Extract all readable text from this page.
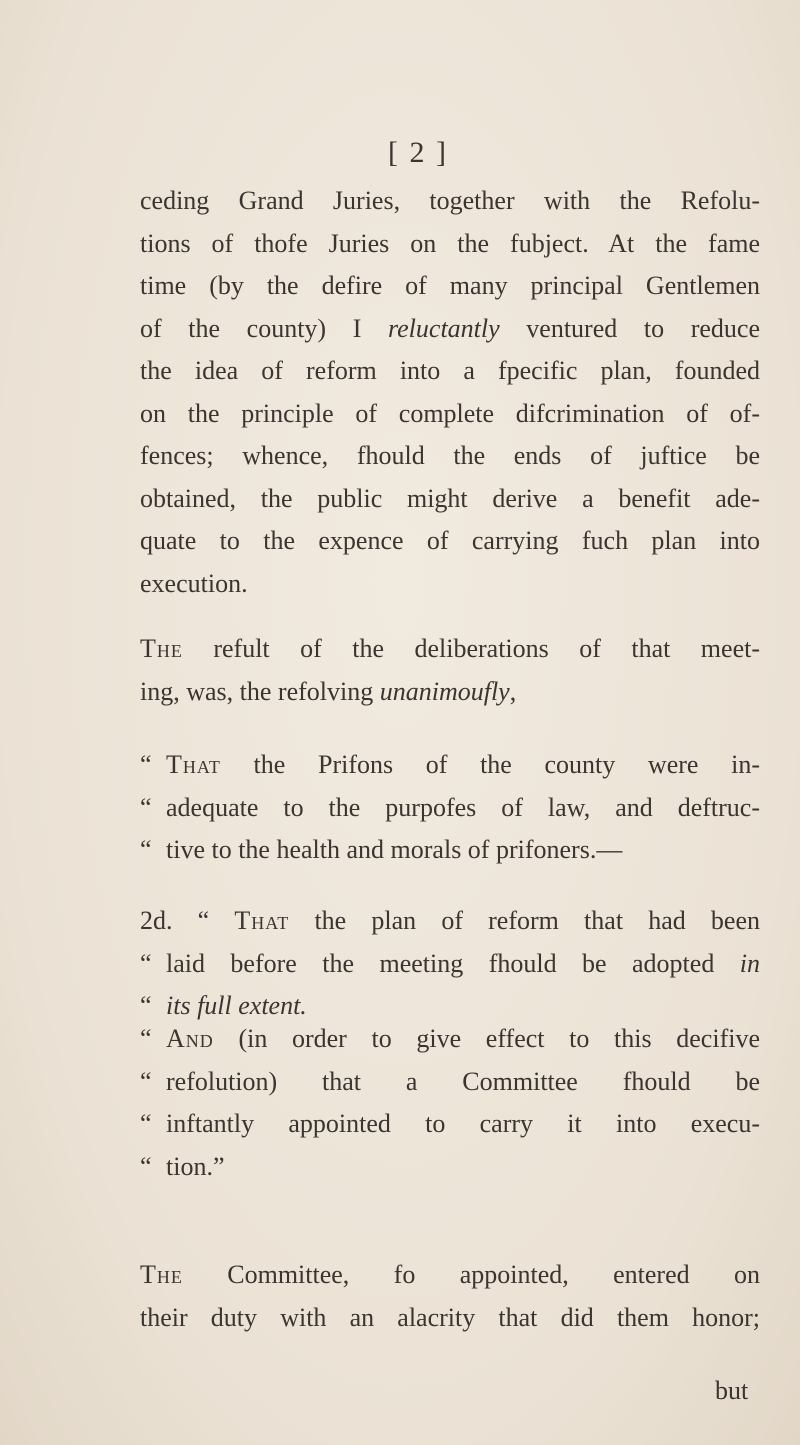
[ 2 ]
ceding Grand Juries, together with the Refolu-
tions of thofe Juries on the fubject. At the fame
time (by the defire of many principal Gentlemen
of the county) I reluctantly ventured to reduce
the idea of reform into a fpecific plan, founded
on the principle of complete difcrimination of of-
fences; whence, fhould the ends of juftice be
obtained, the public might derive a benefit ade-
quate to the expence of carrying fuch plan into
execution.
The refult of the deliberations of that meet-
ing, was, the refolving unanimoufly,
“ That the Prifons of the county were in-
“ adequate to the purpofes of law, and deftruc-
“ tive to the health and morals of prifoners.—
2d. “ That the plan of reform that had been
“ laid before the meeting fhould be adopted in
“ its full extent.
“ And (in order to give effect to this decifive
“ refolution) that a Committee fhould be
“ inftantly appointed to carry it into execu-
“ tion.”
The Committee, fo appointed, entered on
their duty with an alacrity that did them honor;
but
